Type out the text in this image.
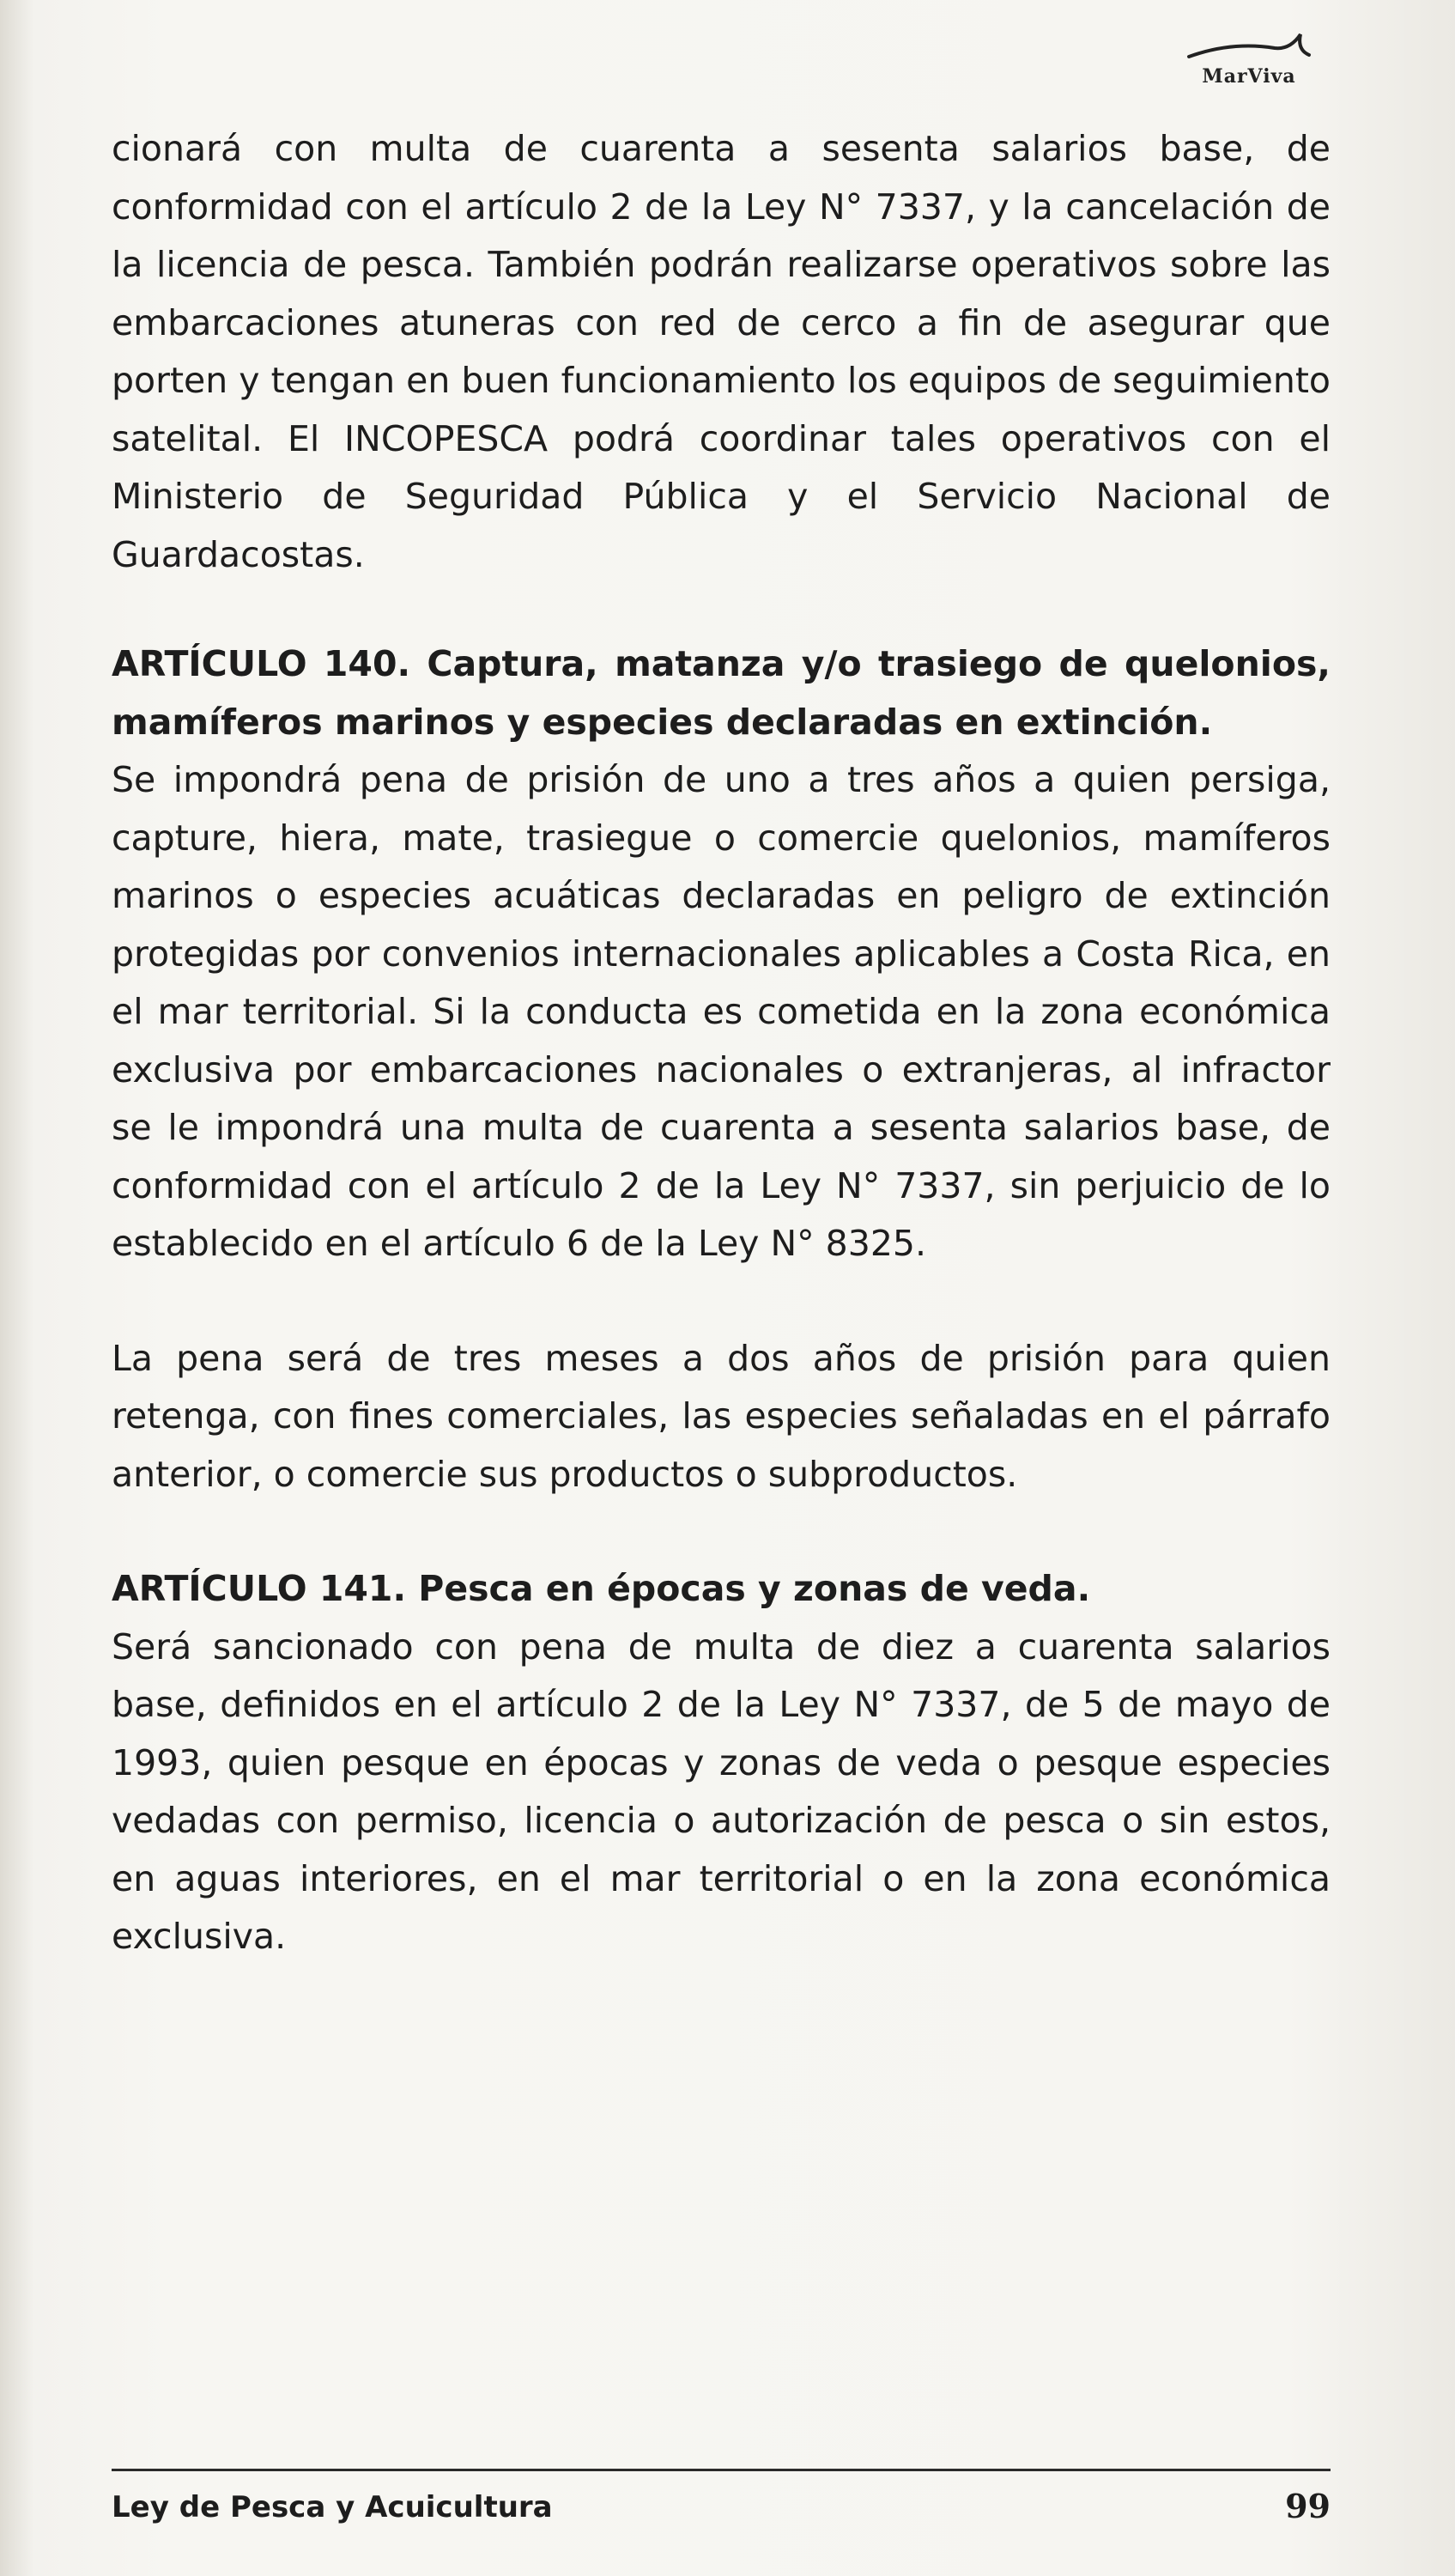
MarViva

cionará con multa de cuarenta a sesenta salarios base, de conformidad con el artículo 2 de la Ley N° 7337, y la cancelación de la licencia de pesca. También podrán realizarse operativos sobre las embarcaciones atuneras con red de cerco a fin de asegurar que porten y tengan en buen funcionamiento los equipos de seguimiento satelital. El INCOPESCA podrá coordinar tales operativos con el Ministerio de Seguridad Pública y el Servicio Nacional de Guardacostas.

ARTÍCULO 140. Captura, matanza y/o trasiego de quelonios, mamíferos marinos y especies declaradas en extinción.

Se impondrá pena de prisión de uno a tres años a quien persiga, capture, hiera, mate, trasiegue o comercie quelonios, mamíferos marinos o especies acuáticas declaradas en peligro de extinción protegidas por convenios internacionales aplicables a Costa Rica, en el mar territorial. Si la conducta es cometida en la zona económica exclusiva por embarcaciones nacionales o extranjeras, al infractor se le impondrá una multa de cuarenta a sesenta salarios base, de conformidad con el artículo 2 de la Ley N° 7337, sin perjuicio de lo establecido en el artículo 6 de la Ley N° 8325.

La pena será de tres meses a dos años de prisión para quien retenga, con fines comerciales, las especies señaladas en el párrafo anterior, o comercie sus productos o subproductos.

ARTÍCULO 141. Pesca en épocas y zonas de veda.

Será sancionado con pena de multa de diez a cuarenta salarios base, definidos en el artículo 2 de la Ley N° 7337, de 5 de mayo de 1993, quien pesque en épocas y zonas de veda o pesque especies vedadas con permiso, licencia o autorización de pesca o sin estos, en aguas interiores, en el mar territorial o en la zona económica exclusiva.

Ley de Pesca y Acuicultura	99
